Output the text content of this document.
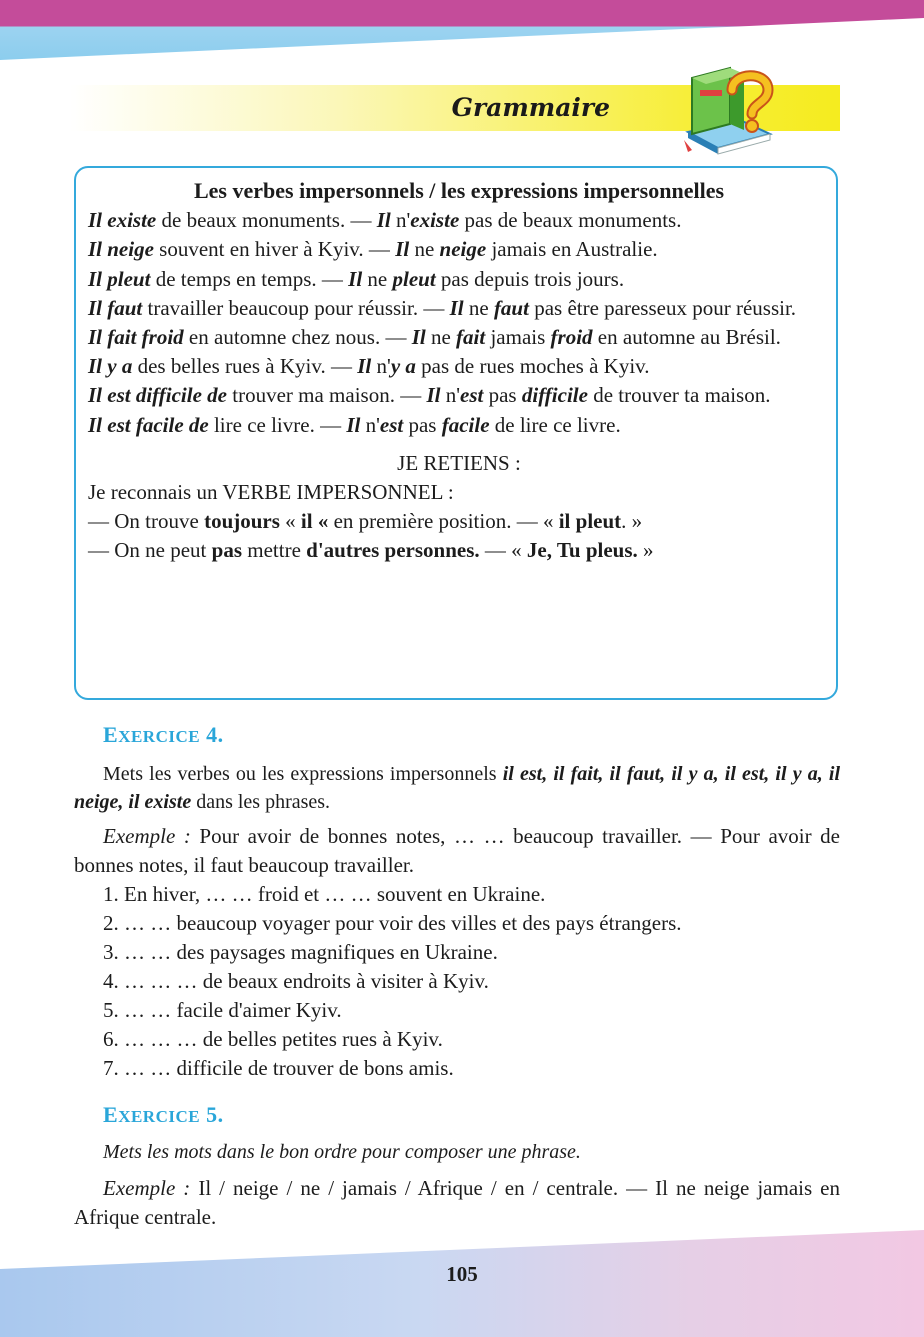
Grammaire

Les verbes impersonnels / les expressions impersonnelles

Il existe de beaux monuments. — Il n'existe pas de beaux monuments.

Il neige souvent en hiver à Kyiv. — Il ne neige jamais en Australie.

Il pleut de temps en temps. — Il ne pleut pas depuis trois jours.

Il faut travailler beaucoup pour réussir. — Il ne faut pas être paresseux pour réussir.

Il fait froid en automne chez nous. — Il ne fait jamais froid en automne au Brésil.

Il y a des belles rues à Kyiv. — Il n'y a pas de rues moches à Kyiv.

Il est difficile de trouver ma maison. — Il n'est pas difficile de trouver ta maison.

Il est facile de lire ce livre. — Il n'est pas facile de lire ce livre.

JE RETIENS :

Je reconnais un VERBE IMPERSONNEL :

— On trouve toujours « il « en première position. — « il pleut. »

— On ne peut pas mettre d'autres personnes. — « Je, Tu pleus. »

EXERCICE 4.

Mets les verbes ou les expressions impersonnels il est, il fait, il faut, il y a, il est, il y a, il neige, il existe dans les phrases.

Exemple : Pour avoir de bonnes notes, … … beaucoup travailler. — Pour avoir de bonnes notes, il faut beaucoup travailler.

1. En hiver, … … froid et … … souvent en Ukraine.

2. … … beaucoup voyager pour voir des villes et des pays étrangers.

3. … … des paysages magnifiques en Ukraine.

4. … … … de beaux endroits à visiter à Kyiv.

5. … … facile d'aimer Kyiv.

6. … … … de belles petites rues à Kyiv.

7. … … difficile de trouver de bons amis.

EXERCICE 5.

Mets les mots dans le bon ordre pour composer une phrase.

Exemple : Il / neige / ne / jamais / Afrique / en / centrale. — Il ne neige jamais en Afrique centrale.

105
